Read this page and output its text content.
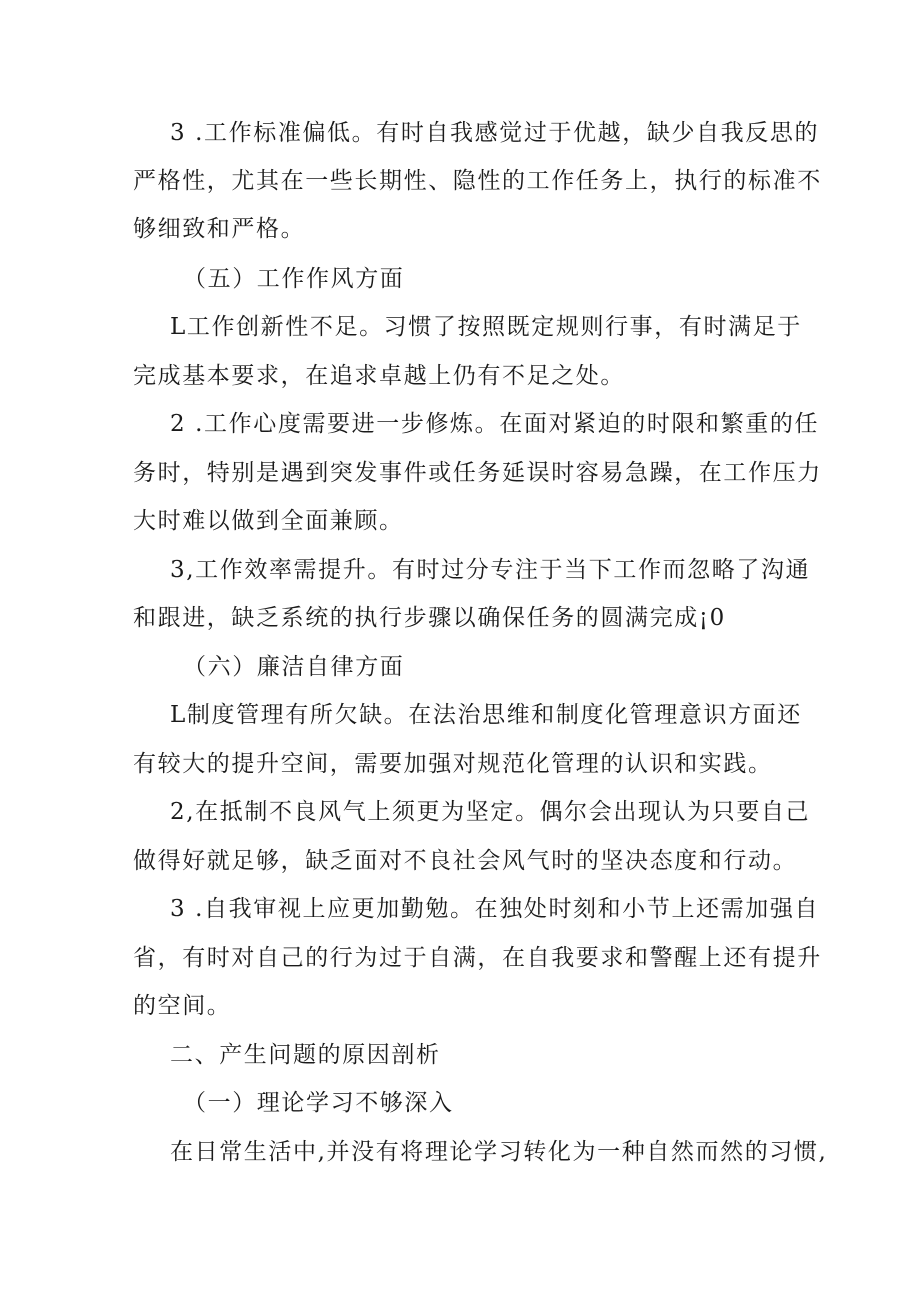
3 .工作标准偏低。有时自我感觉过于优越，缺少自我反思的
严格性，尤其在一些长期性、隐性的工作任务上，执行的标准不
够细致和严格。
（五）工作作风方面
L工作创新性不足。习惯了按照既定规则行事，有时满足于
完成基本要求，在追求卓越上仍有不足之处。
2 .工作心度需要进一步修炼。在面对紧迫的时限和繁重的任
务时，特别是遇到突发事件或任务延误时容易急躁，在工作压力
大时难以做到全面兼顾。
3,工作效率需提升。有时过分专注于当下工作而忽略了沟通
和跟进，缺乏系统的执行步骤以确保任务的圆满完成¡0
（六）廉洁自律方面
L制度管理有所欠缺。在法治思维和制度化管理意识方面还
有较大的提升空间，需要加强对规范化管理的认识和实践。
2,在抵制不良风气上须更为坚定。偶尔会出现认为只要自己
做得好就足够，缺乏面对不良社会风气时的坚决态度和行动。
3 .自我审视上应更加勤勉。在独处时刻和小节上还需加强自
省，有时对自己的行为过于自满，在自我要求和警醒上还有提升
的空间。
二、产生问题的原因剖析
（一）理论学习不够深入
在日常生活中,并没有将理论学习转化为一种自然而然的习惯,
